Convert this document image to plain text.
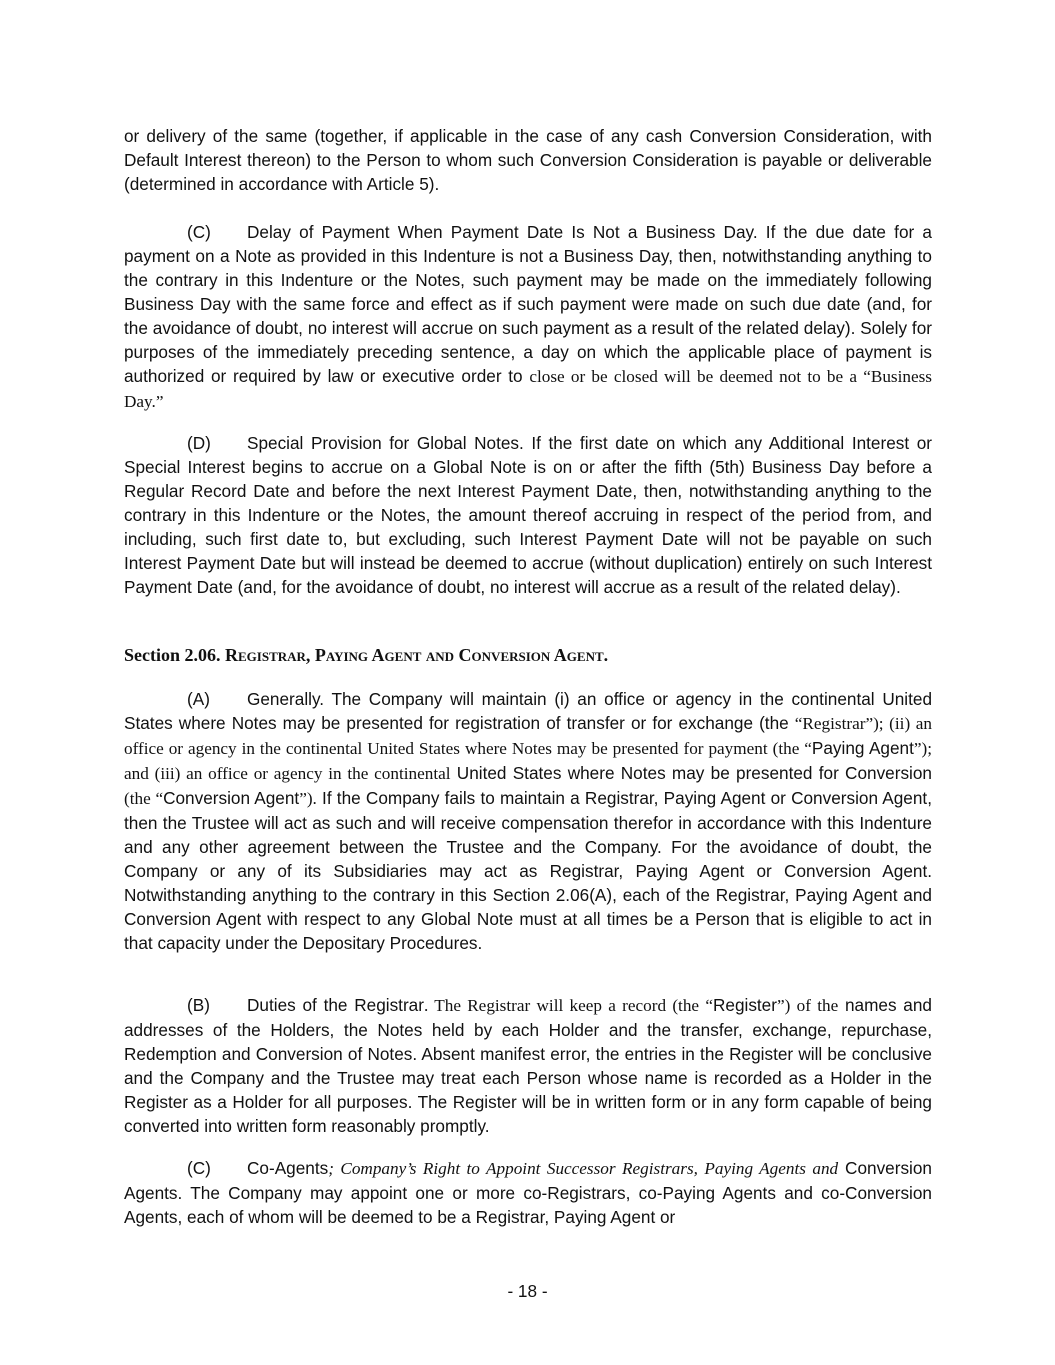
or delivery of the same (together, if applicable in the case of any cash Conversion Consideration, with Default Interest thereon) to the Person to whom such Conversion Consideration is payable or deliverable (determined in accordance with Article 5).
(C) Delay of Payment When Payment Date Is Not a Business Day. If the due date for a payment on a Note as provided in this Indenture is not a Business Day, then, notwithstanding anything to the contrary in this Indenture or the Notes, such payment may be made on the immediately following Business Day with the same force and effect as if such payment were made on such due date (and, for the avoidance of doubt, no interest will accrue on such payment as a result of the related delay). Solely for purposes of the immediately preceding sentence, a day on which the applicable place of payment is authorized or required by law or executive order to close or be closed will be deemed not to be a “Business Day.”
(D) Special Provision for Global Notes. If the first date on which any Additional Interest or Special Interest begins to accrue on a Global Note is on or after the fifth (5th) Business Day before a Regular Record Date and before the next Interest Payment Date, then, notwithstanding anything to the contrary in this Indenture or the Notes, the amount thereof accruing in respect of the period from, and including, such first date to, but excluding, such Interest Payment Date will not be payable on such Interest Payment Date but will instead be deemed to accrue (without duplication) entirely on such Interest Payment Date (and, for the avoidance of doubt, no interest will accrue as a result of the related delay).
Section 2.06. Registrar, Paying Agent and Conversion Agent.
(A) Generally. The Company will maintain (i) an office or agency in the continental United States where Notes may be presented for registration of transfer or for exchange (the “Registrar”); (ii) an office or agency in the continental United States where Notes may be presented for payment (the “Paying Agent”); and (iii) an office or agency in the continental United States where Notes may be presented for Conversion (the “Conversion Agent”). If the Company fails to maintain a Registrar, Paying Agent or Conversion Agent, then the Trustee will act as such and will receive compensation therefor in accordance with this Indenture and any other agreement between the Trustee and the Company. For the avoidance of doubt, the Company or any of its Subsidiaries may act as Registrar, Paying Agent or Conversion Agent. Notwithstanding anything to the contrary in this Section 2.06(A), each of the Registrar, Paying Agent and Conversion Agent with respect to any Global Note must at all times be a Person that is eligible to act in that capacity under the Depositary Procedures.
(B) Duties of the Registrar. The Registrar will keep a record (the “Register”) of the names and addresses of the Holders, the Notes held by each Holder and the transfer, exchange, repurchase, Redemption and Conversion of Notes. Absent manifest error, the entries in the Register will be conclusive and the Company and the Trustee may treat each Person whose name is recorded as a Holder in the Register as a Holder for all purposes. The Register will be in written form or in any form capable of being converted into written form reasonably promptly.
(C) Co-Agents; Company’s Right to Appoint Successor Registrars, Paying Agents and Conversion Agents. The Company may appoint one or more co-Registrars, co-Paying Agents and co-Conversion Agents, each of whom will be deemed to be a Registrar, Paying Agent or
- 18 -
